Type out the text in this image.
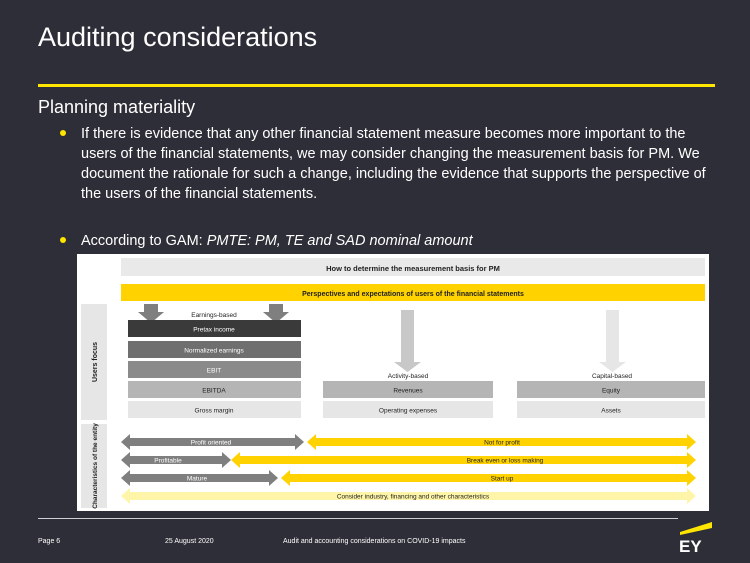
Auditing considerations
Planning materiality
If there is evidence that any other financial statement measure becomes more important to the users of the financial statements, we may consider changing the measurement basis for PM. We document the rationale for such a change, including the evidence that supports the perspective of the users of the financial statements.
According to GAM: PMTE: PM, TE and SAD nominal amount
How to determine the measurement basis for PM
Perspectives and expectations of users of the financial statements
Users focus
Characteristics of the entity
Earnings-based
Pretax income
Normalized earnings
EBIT
EBITDA
Gross margin
Activity-based
Revenues
Operating expenses
Capital-based
Equity
Assets
Profit oriented	Not for profit
Profitable	Break even or loss making
Mature	Start up
Consider industry, financing and other characteristics
Page 6	25 August 2020	Audit and accounting considerations on COVID-19 impacts	EY
